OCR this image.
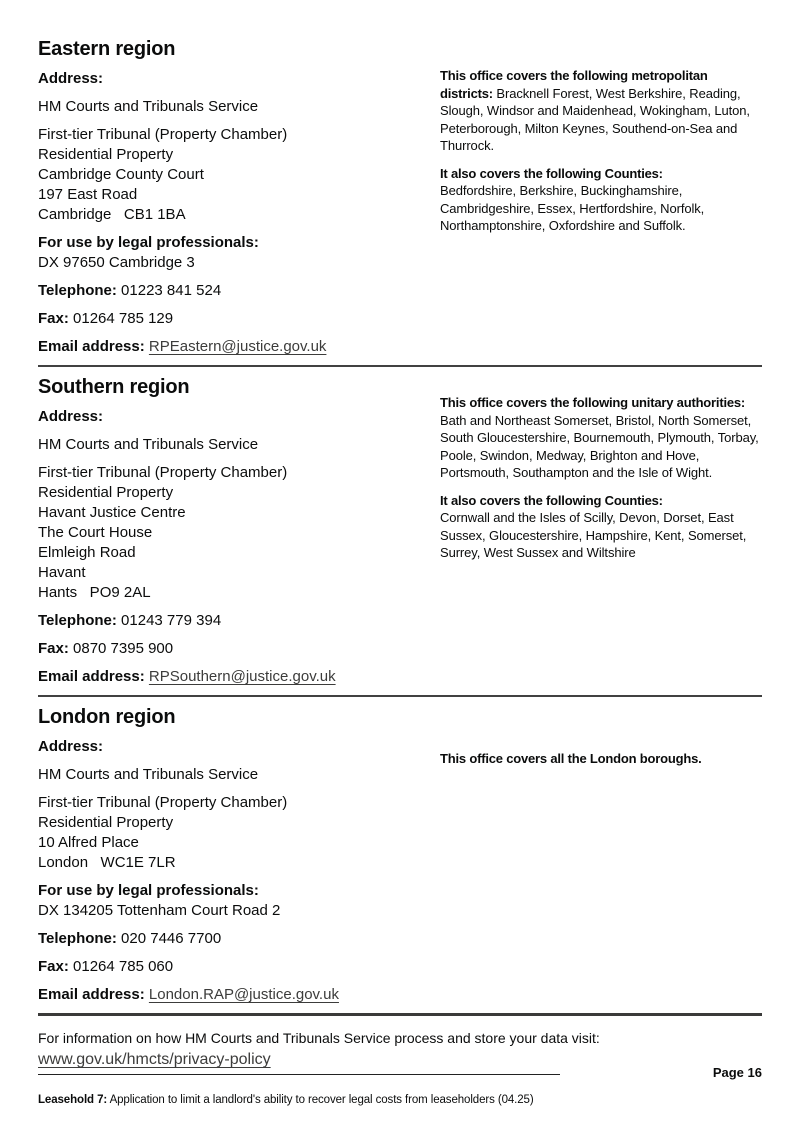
Eastern region
Address:
HM Courts and Tribunals Service
First-tier Tribunal (Property Chamber)
Residential Property
Cambridge County Court
197 East Road
Cambridge   CB1 1BA
For use by legal professionals:
DX 97650 Cambridge 3
Telephone: 01223 841 524
Fax: 01264 785 129
Email address: RPEastern@justice.gov.uk

This office covers the following metropolitan districts: Bracknell Forest, West Berkshire, Reading, Slough, Windsor and Maidenhead, Wokingham, Luton, Peterborough, Milton Keynes, Southend-on-Sea and Thurrock.

It also covers the following Counties:
Bedfordshire, Berkshire, Buckinghamshire, Cambridgeshire, Essex, Hertfordshire, Norfolk, Northamptonshire, Oxfordshire and Suffolk.

Southern region
Address:
HM Courts and Tribunals Service
First-tier Tribunal (Property Chamber)
Residential Property
Havant Justice Centre
The Court House
Elmleigh Road
Havant
Hants   PO9 2AL
Telephone: 01243 779 394
Fax: 0870 7395 900
Email address: RPSouthern@justice.gov.uk

This office covers the following unitary authorities:
Bath and Northeast Somerset, Bristol, North Somerset, South Gloucestershire, Bournemouth, Plymouth, Torbay, Poole, Swindon, Medway, Brighton and Hove, Portsmouth, Southampton and the Isle of Wight.

It also covers the following Counties:
Cornwall and the Isles of Scilly, Devon, Dorset, East Sussex, Gloucestershire, Hampshire, Kent, Somerset, Surrey, West Sussex and Wiltshire

London region
Address:
HM Courts and Tribunals Service
First-tier Tribunal (Property Chamber)
Residential Property
10 Alfred Place
London   WC1E 7LR
For use by legal professionals:
DX 134205 Tottenham Court Road 2
Telephone: 020 7446 7700
Fax: 01264 785 060
Email address: London.RAP@justice.gov.uk

This office covers all the London boroughs.

For information on how HM Courts and Tribunals Service process and store your data visit:

www.gov.uk/hmcts/privacy-policy
Page 16

Leasehold 7: Application to limit a landlord's ability to recover legal costs from leaseholders (04.25)
